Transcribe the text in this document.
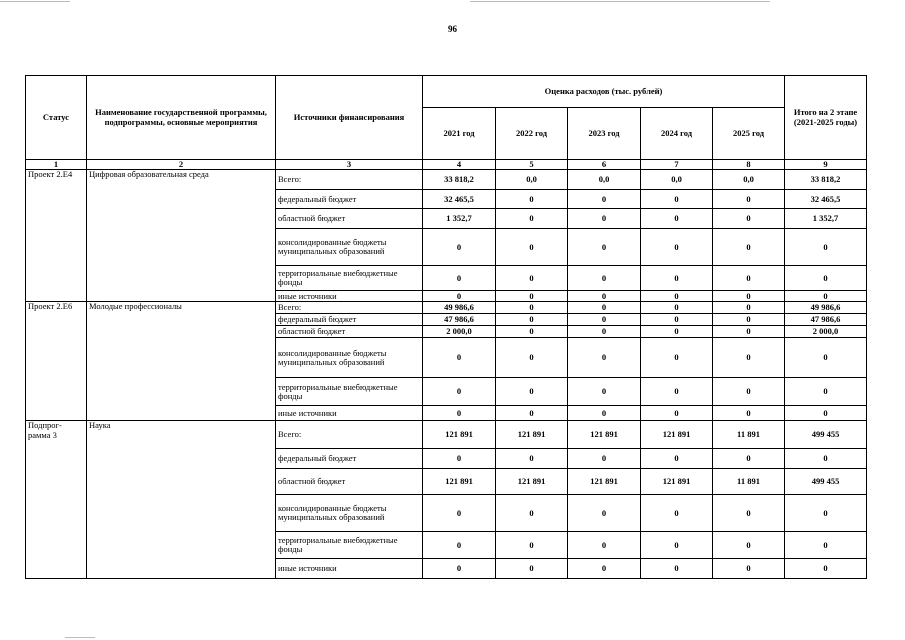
96
Статус	Наименование государственной программы, подпрограммы, основные мероприятия	Источники финансирования	Оценка расходов (тыс. рублей)					Итого на 2 этапе (2021-2025 годы)
			2021 год	2022 год	2023 год	2024 год	2025 год	
1	2	3	4	5	6	7	8	9
Проект 2.Е4	Цифровая образовательная среда	Всего:	33 818,2	0,0	0,0	0,0	0,0	33 818,2
		федеральный бюджет	32 465,5	0	0	0	0	32 465,5
		областной бюджет	1 352,7	0	0	0	0	1 352,7
		консолидированные бюджеты муниципальных образований	0	0	0	0	0	0
		территориальные внебюджетные фонды	0	0	0	0	0	0
		иные источники	0	0	0	0	0	0
Проект 2.Е6	Молодые профессионалы	Всего:	49 986,6	0	0	0	0	49 986,6
		федеральный бюджет	47 986,6	0	0	0	0	47 986,6
		областной бюджет	2 000,0	0	0	0	0	2 000,0
		консолидированные бюджеты муниципальных образований	0	0	0	0	0	0
		территориальные внебюджетные фонды	0	0	0	0	0	0
		иные источники	0	0	0	0	0	0
Подпрог-рамма 3	Наука	Всего:	121 891	121 891	121 891	121 891	11 891	499 455
		федеральный бюджет	0	0	0	0	0	0
		областной бюджет	121 891	121 891	121 891	121 891	11 891	499 455
		консолидированные бюджеты муниципальных образований	0	0	0	0	0	0
		территориальные внебюджетные фонды	0	0	0	0	0	0
		иные источники	0	0	0	0	0	0
